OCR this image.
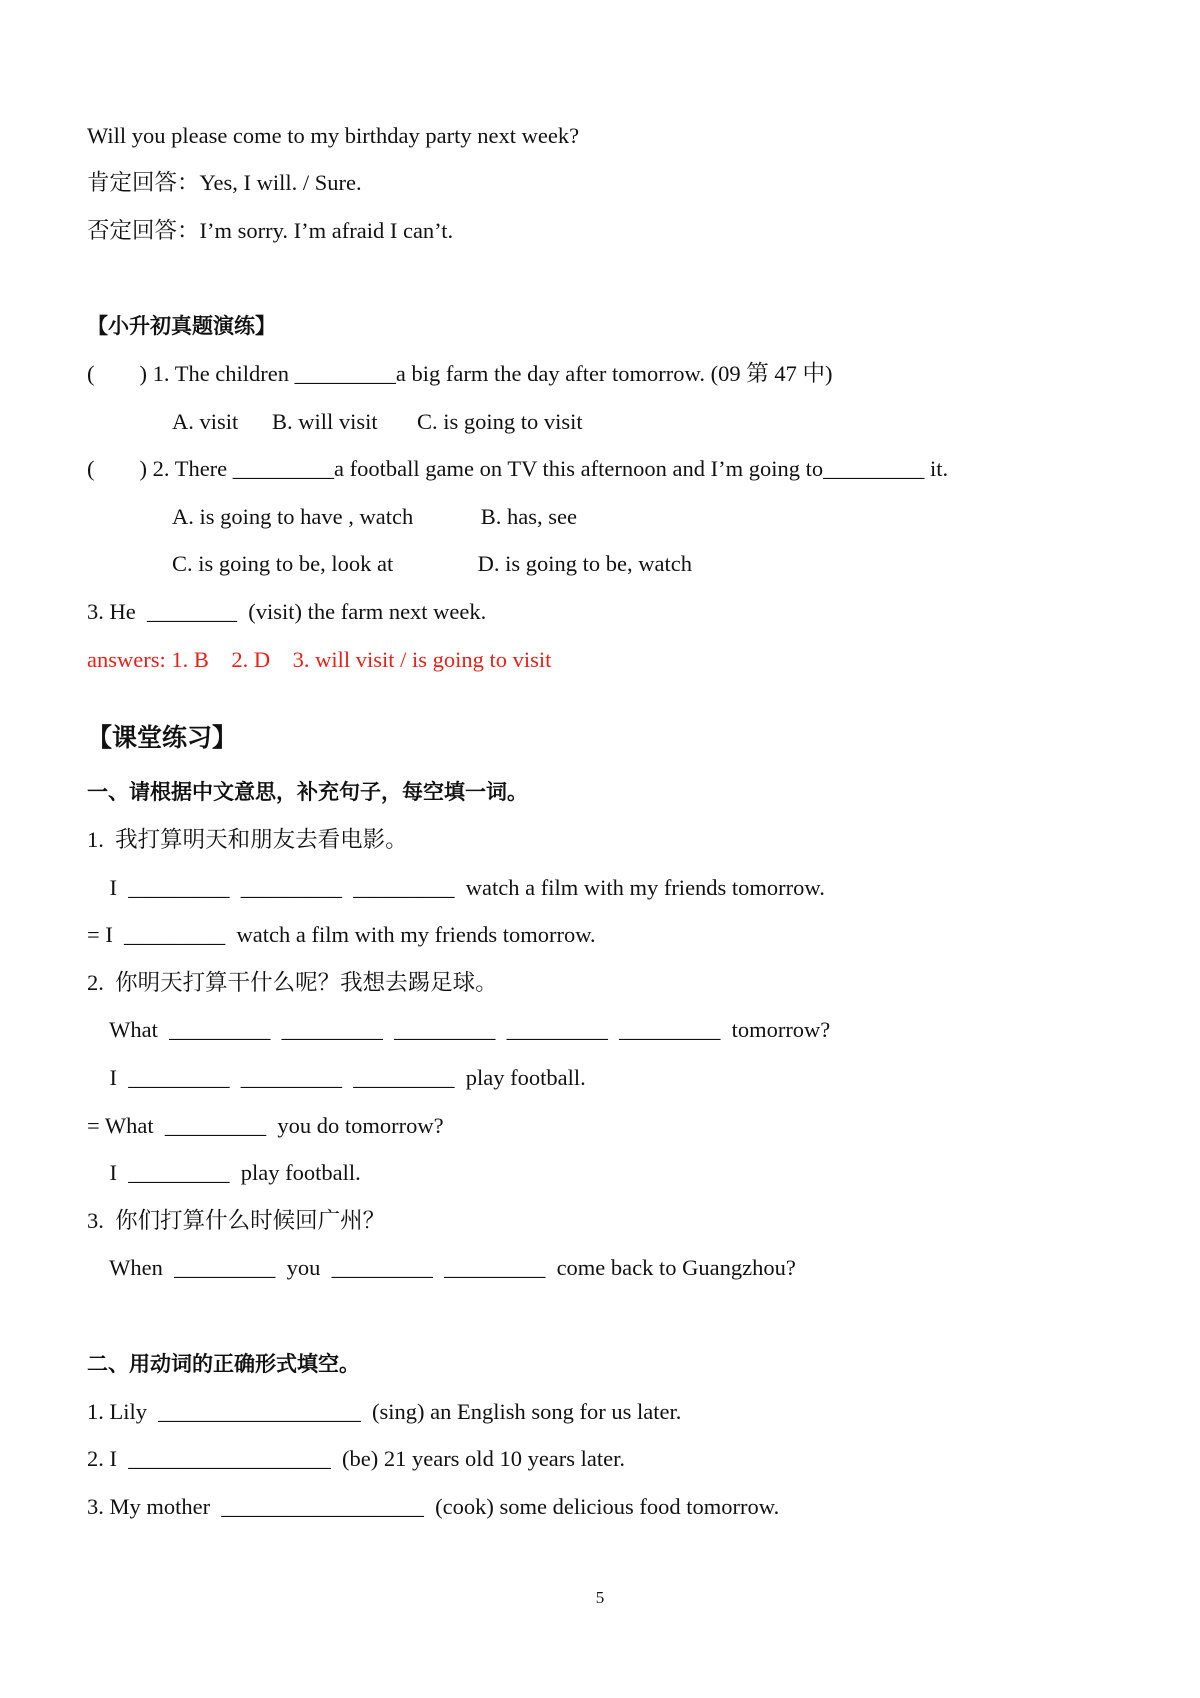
Will you please come to my birthday party next week?
肯定回答：Yes, I will. / Sure.
否定回答：I’m sorry. I’m afraid I can’t.
【小升初真题演练】
(        ) 1. The children _________a big farm the day after tomorrow. (09 第 47 中)
A. visit      B. will visit       C. is going to visit
(        ) 2. There _________a football game on TV this afternoon and I’m going to_________ it.
A. is going to have , watch            B. has, see
C. is going to be, look at               D. is going to be, watch
3. He  ________  (visit) the farm next week.
answers: 1. B    2. D    3. will visit / is going to visit
【课堂练习】
一、请根据中文意思，补充句子，每空填一词。
1.  我打算明天和朋友去看电影。
I  _________  _________  _________  watch a film with my friends tomorrow.
= I  _________  watch a film with my friends tomorrow.
2.  你明天打算干什么呢？我想去踢足球。
What  _________  _________  _________  _________  _________  tomorrow?
I  _________  _________  _________  play football.
= What  _________  you do tomorrow?
I  _________  play football.
3.  你们打算什么时候回广州？
When  _________  you  _________  _________  come back to Guangzhou?
二、用动词的正确形式填空。
1. Lily  __________________  (sing) an English song for us later.
2. I  __________________  (be) 21 years old 10 years later.
3. My mother  __________________  (cook) some delicious food tomorrow.
5
